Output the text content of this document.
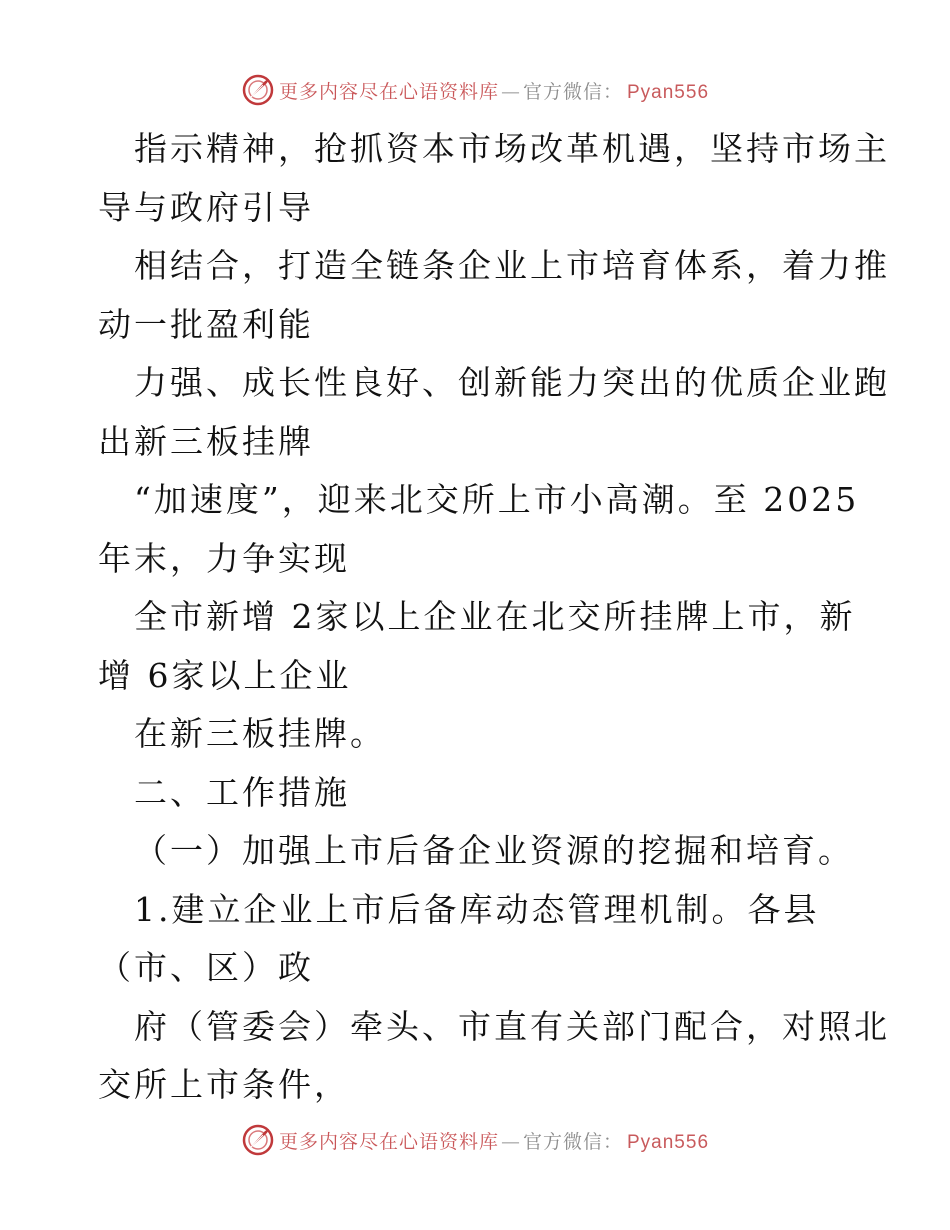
更多内容尽在心语资料库 — 官方微信： Pyan556
指示精神，抢抓资本市场改革机遇，坚持市场主
导与政府引导
相结合，打造全链条企业上市培育体系，着力推
动一批盈利能
力强、成长性良好、创新能力突出的优质企业跑
出新三板挂牌
“加速度”，迎来北交所上市小高潮。至 2025
年末，力争实现
全市新增 2家以上企业在北交所挂牌上市，新
增 6家以上企业
在新三板挂牌。
二、工作措施
（一）加强上市后备企业资源的挖掘和培育。
1.建立企业上市后备库动态管理机制。各县
（市、区）政
府（管委会）牵头、市直有关部门配合，对照北
交所上市条件，
更多内容尽在心语资料库 — 官方微信： Pyan556
